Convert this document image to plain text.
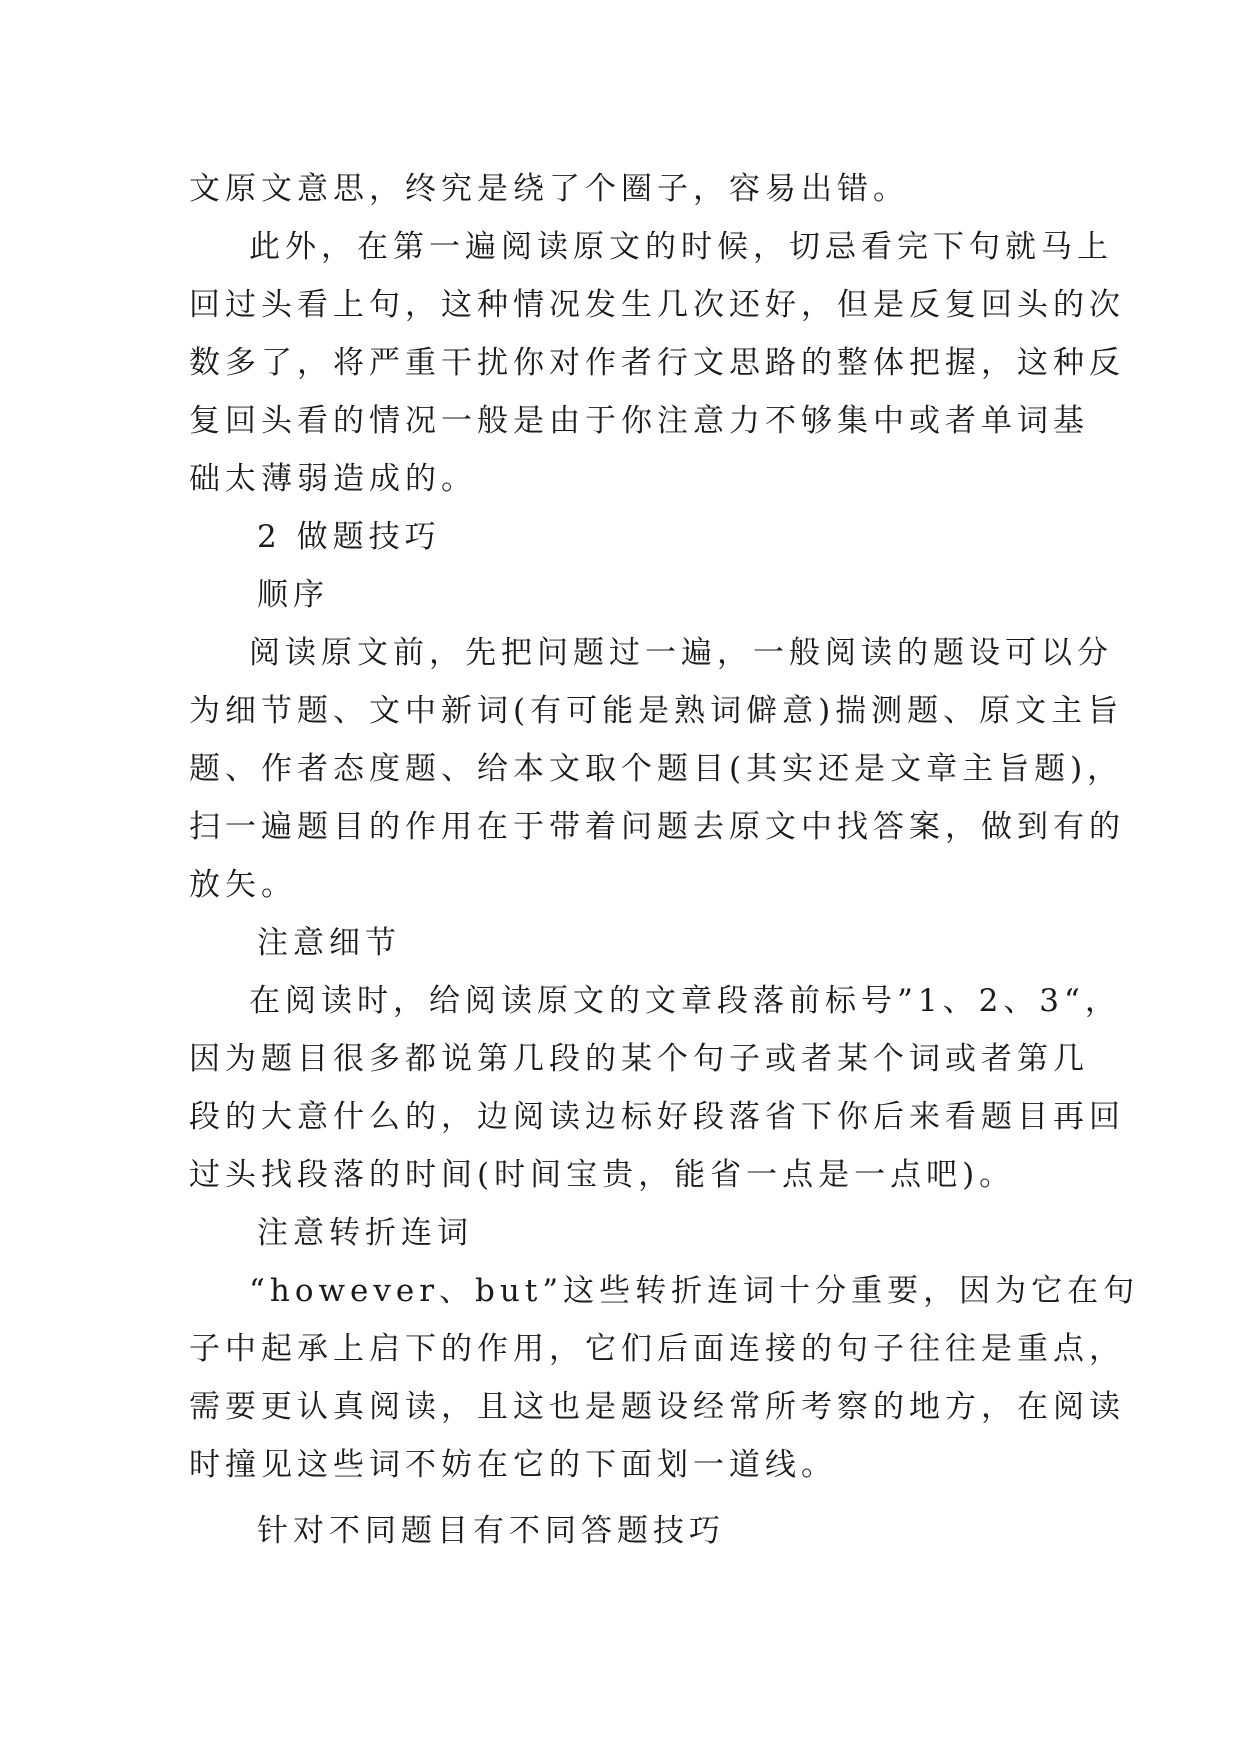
文原文意思，终究是绕了个圈子，容易出错。

此外，在第一遍阅读原文的时候，切忌看完下句就马上
回过头看上句，这种情况发生几次还好，但是反复回头的次
数多了，将严重干扰你对作者行文思路的整体把握，这种反
复回头看的情况一般是由于你注意力不够集中或者单词基
础太薄弱造成的。

2 做题技巧

顺序

阅读原文前，先把问题过一遍，一般阅读的题设可以分
为细节题、文中新词(有可能是熟词僻意)揣测题、原文主旨
题、作者态度题、给本文取个题目(其实还是文章主旨题)，
扫一遍题目的作用在于带着问题去原文中找答案，做到有的
放矢。

注意细节

在阅读时，给阅读原文的文章段落前标号”1、2、3“，
因为题目很多都说第几段的某个句子或者某个词或者第几
段的大意什么的，边阅读边标好段落省下你后来看题目再回
过头找段落的时间(时间宝贵，能省一点是一点吧)。

注意转折连词

“however、but”这些转折连词十分重要，因为它在句
子中起承上启下的作用，它们后面连接的句子往往是重点，
需要更认真阅读，且这也是题设经常所考察的地方，在阅读
时撞见这些词不妨在它的下面划一道线。

针对不同题目有不同答题技巧
